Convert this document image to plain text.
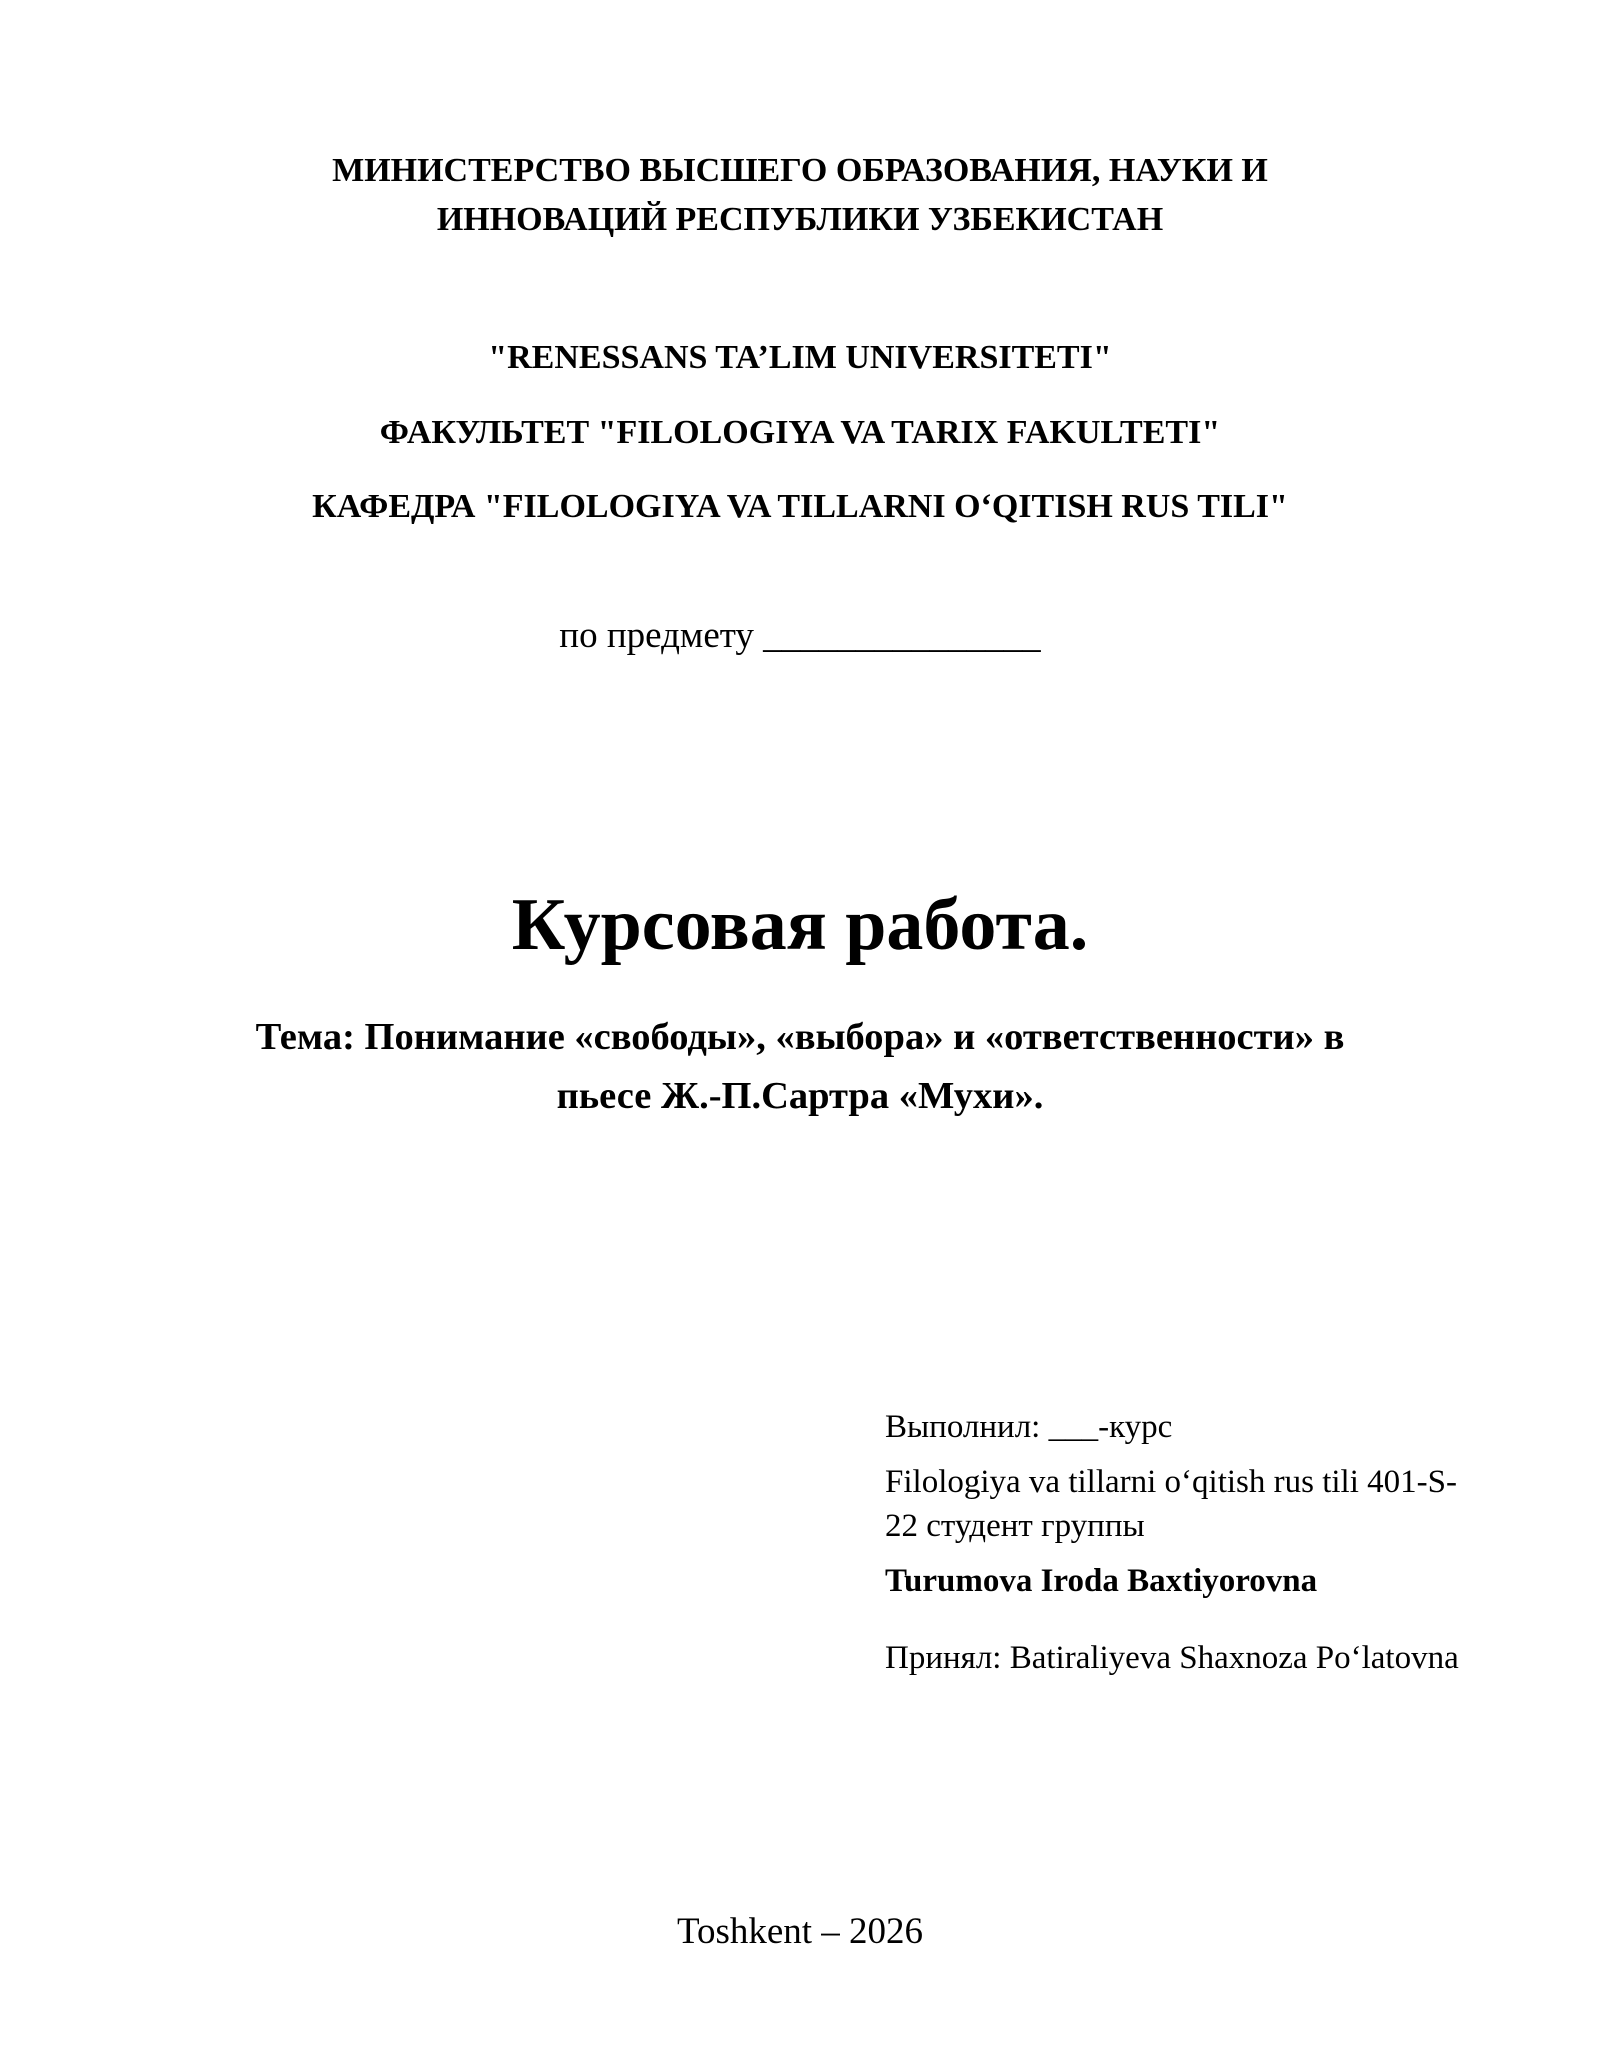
МИНИСТЕРСТВО ВЫСШЕГО ОБРАЗОВАНИЯ, НАУКИ И
ИННОВАЦИЙ РЕСПУБЛИКИ УЗБЕКИСТАН
"RENESSANS TA’LIM UNIVERSITETI"
ФАКУЛЬТЕТ "FILOLOGIYA VA TARIX FAKULTETI"
КАФЕДРА "FILOLOGIYA VA TILLARNI O‘QITISH RUS TILI"
по предмету _______________
Курсовая работа.
Тема: Понимание «свободы», «выбора» и «ответственности» в
пьесе Ж.-П.Сартра «Мухи».
Выполнил: ___-курс
Filologiya va tillarni o‘qitish rus tili 401-S-
22 студент группы
Turumova Iroda Baxtiyorovna
Принял: Batiraliyeva Shaxnoza Po‘latovna
Toshkent – 2026
